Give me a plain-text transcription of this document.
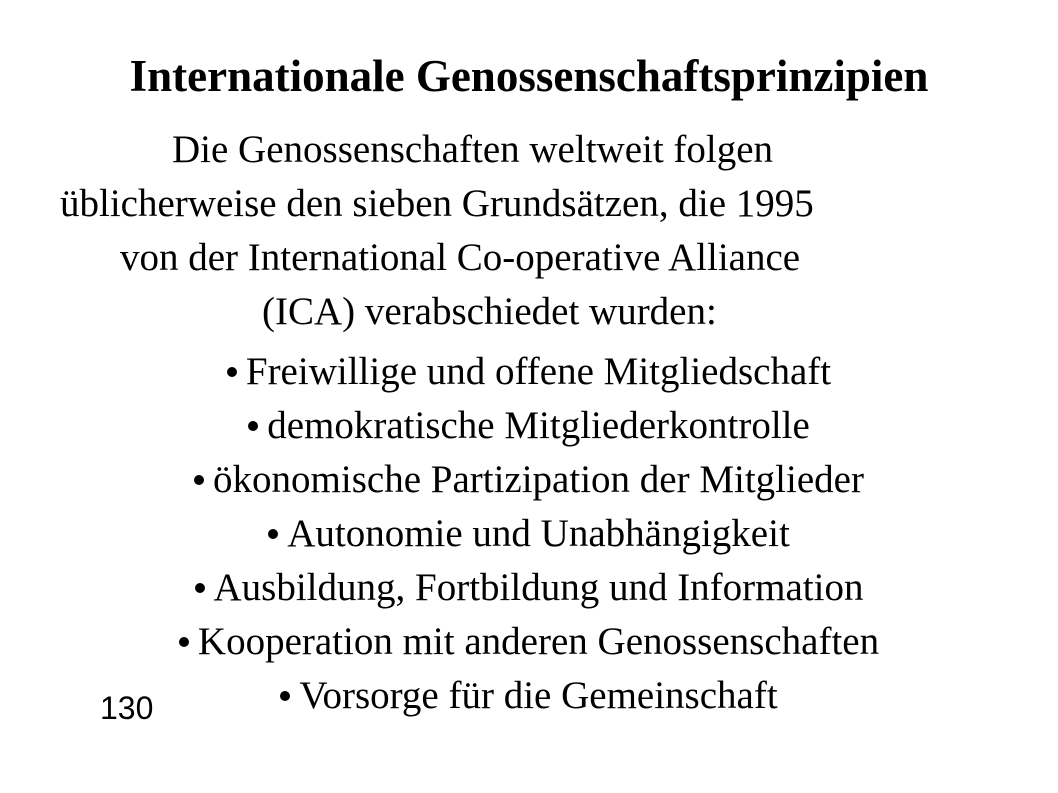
Internationale Genossenschaftsprinzipien
Die Genossenschaften weltweit folgen
üblicherweise den sieben Grundsätzen, die 1995
von der International Co-operative Alliance
(ICA) verabschiedet wurden:
Freiwillige und offene Mitgliedschaft
demokratische Mitgliederkontrolle
ökonomische Partizipation der Mitglieder
Autonomie und Unabhängigkeit
Ausbildung, Fortbildung und Information
Kooperation mit anderen Genossenschaften
Vorsorge für die Gemeinschaft
130
